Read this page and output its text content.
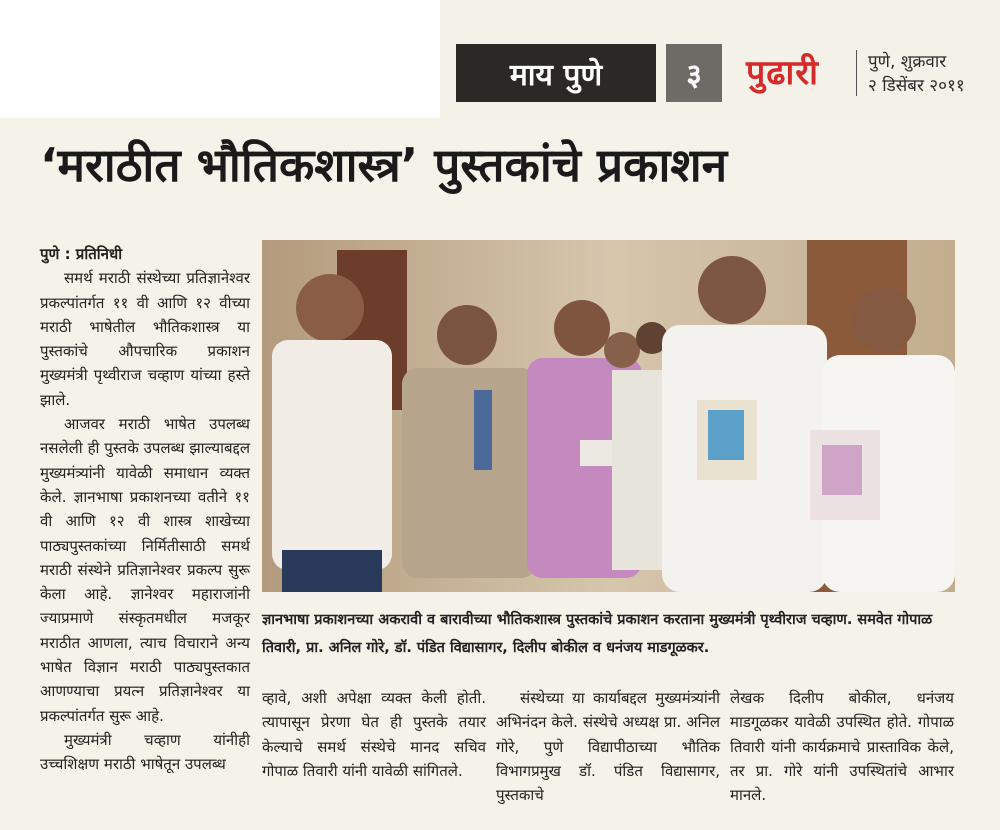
माय पुणे	३	पुढारी	पुणे, शुक्रवार
२ डिसेंबर २०११
‘मराठीत भौतिकशास्त्र’ पुस्तकांचे प्रकाशन

पुणे : प्रतिनिधी

समर्थ मराठी संस्थेच्या प्रतिज्ञानेश्वर प्रकल्पांतर्गत ११ वी आणि १२ वीच्या मराठी भाषेतील भौतिकशास्त्र या पुस्तकांचे औपचारिक प्रकाशन मुख्यमंत्री पृथ्वीराज चव्हाण यांच्या हस्ते झाले.

आजवर मराठी भाषेत उपलब्ध नसलेली ही पुस्तके उपलब्ध झाल्याबद्दल मुख्यमंत्र्यांनी यावेळी समाधान व्यक्त केले. ज्ञानभाषा प्रकाशनच्या वतीने ११ वी आणि १२ वी शास्त्र शाखेच्या पाठ्यपुस्तकांच्या निर्मितीसाठी समर्थ मराठी संस्थेने प्रतिज्ञानेश्वर प्रकल्प सुरू केला आहे. ज्ञानेश्वर महाराजांनी ज्याप्रमाणे संस्कृतमधील मजकूर मराठीत आणला, त्याच विचाराने अन्य भाषेत विज्ञान मराठी पाठ्यपुस्तकात आणण्याचा प्रयत्न प्रतिज्ञानेश्वर या प्रकल्पांतर्गत सुरू आहे.

मुख्यमंत्री चव्हाण यांनीही उच्चशिक्षण मराठी भाषेतून उपलब्ध

ज्ञानभाषा प्रकाशनच्या अकरावी व बारावीच्या भौतिकशास्त्र पुस्तकांचे प्रकाशन करताना मुख्यमंत्री पृथ्वीराज चव्हाण. समवेत गोपाळ तिवारी, प्रा. अनिल गोरे, डॉ. पंडित विद्यासागर, दिलीप बोकील व धनंजय माडगूळकर.

व्हावे, अशी अपेक्षा व्यक्त केली होती. त्यापासून प्रेरणा घेत ही पुस्तके तयार केल्याचे समर्थ संस्थेचे मानद सचिव गोपाळ तिवारी यांनी यावेळी सांगितले.

संस्थेच्या या कार्याबद्दल मुख्यमंत्र्यांनी अभिनंदन केले. संस्थेचे अध्यक्ष प्रा. अनिल गोरे, पुणे विद्यापीठाच्या भौतिक विभागप्रमुख डॉ. पंडित विद्यासागर, पुस्तकाचे

लेखक दिलीप बोकील, धनंजय माडगूळकर यावेळी उपस्थित होते. गोपाळ तिवारी यांनी कार्यक्रमाचे प्रास्ताविक केले, तर प्रा. गोरे यांनी उपस्थितांचे आभार मानले.
